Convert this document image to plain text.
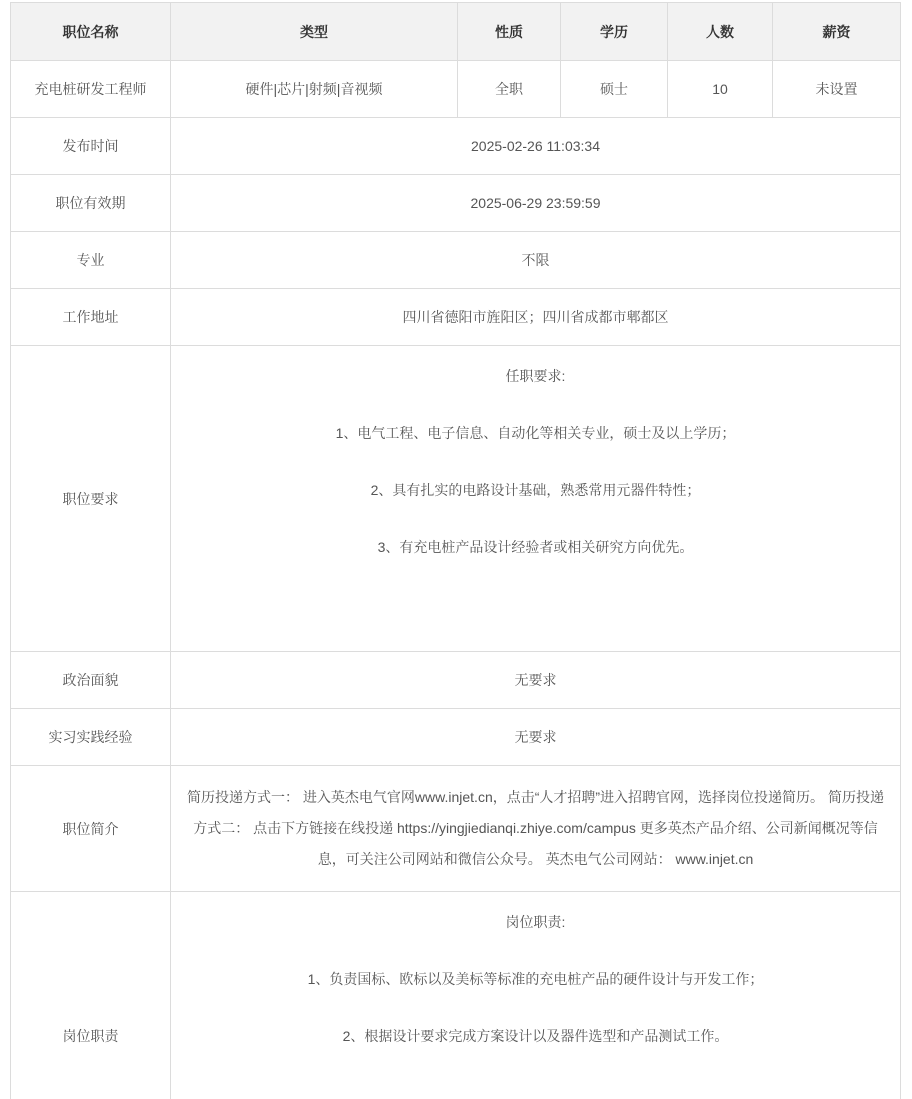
职位名称	类型	性质	学历	人数	薪资
充电桩研发工程师	硬件|芯片|射频|音视频	全职	硕士	10	未设置
发布时间	2025-02-26 11:03:34				
职位有效期	2025-06-29 23:59:59				
专业	不限				
工作地址	四川省德阳市旌阳区；四川省成都市郫都区				
职位要求	任职要求:

1、电气工程、电子信息、自动化等相关专业，硕士及以上学历；

2、具有扎实的电路设计基础，熟悉常用元器件特性；

3、有充电桩产品设计经验者或相关研究方向优先。				

政治面貌	无要求				
实习实践经验	无要求				
职位简介	简历投递方式一： 进入英杰电气官网www.injet.cn，点击“人才招聘”进入招聘官网，选择岗位投递简历。 简历投递方式二： 点击下方链接在线投递 https://yingjiedianqi.zhiye.com/campus 更多英杰产品介绍、公司新闻概况等信息，可关注公司网站和微信公众号。 英杰电气公司网站： www.injet.cn				
岗位职责	岗位职责:

1、负责国标、欧标以及美标等标准的充电桩产品的硬件设计与开发工作；

2、根据设计要求完成方案设计以及器件选型和产品测试工作。				
